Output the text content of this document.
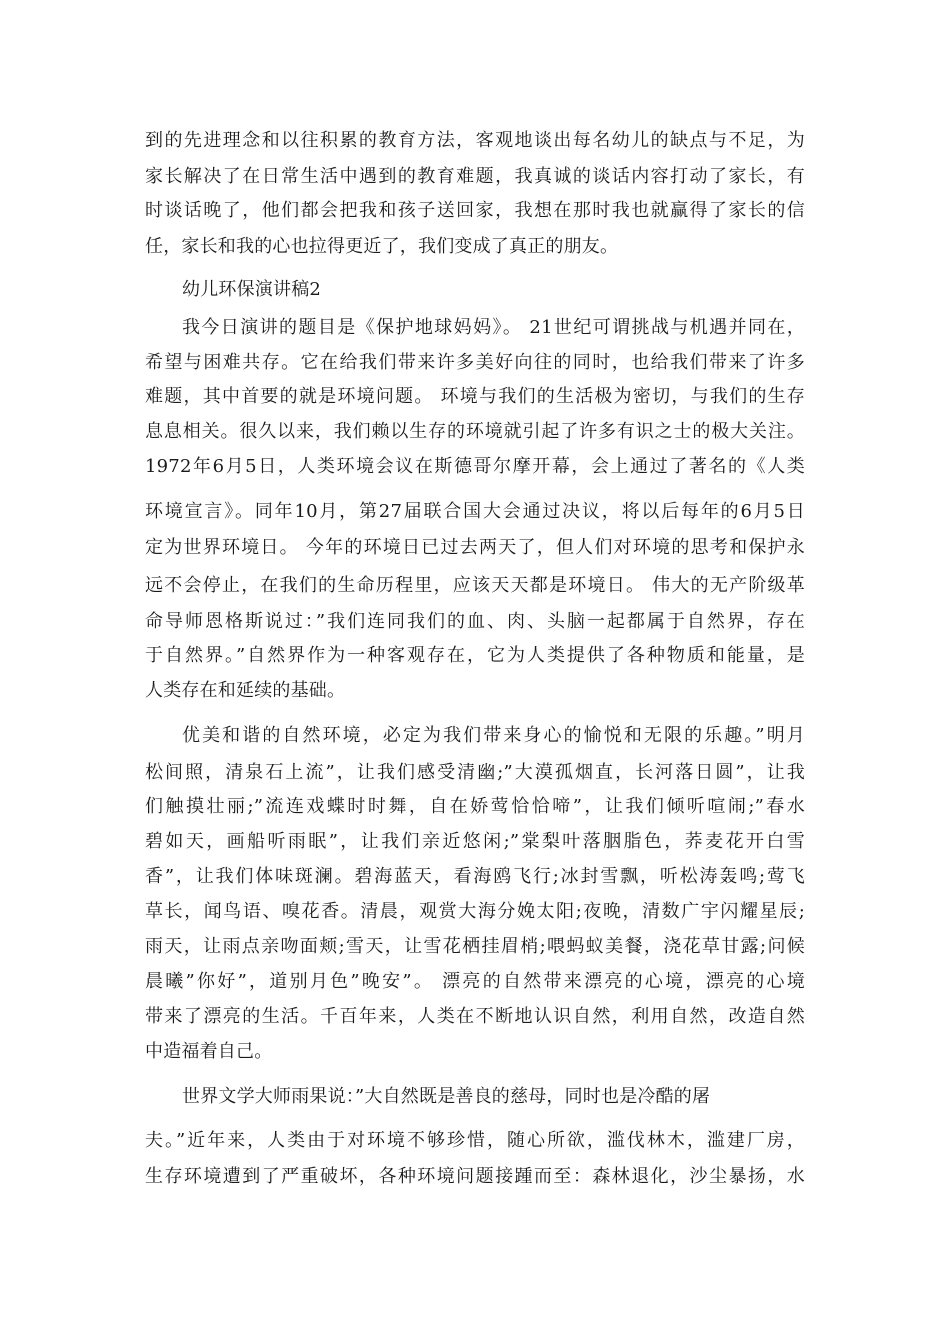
到的先进理念和以往积累的教育方法，客观地谈出每名幼儿的缺点与不足，为
家长解决了在日常生活中遇到的教育难题，我真诚的谈话内容打动了家长，有
时谈话晚了，他们都会把我和孩子送回家，我想在那时我也就赢得了家长的信
任，家长和我的心也拉得更近了，我们变成了真正的朋友。
幼儿环保演讲稿2
我今日演讲的题目是《保护地球妈妈》。 21世纪可谓挑战与机遇并同在，
希望与困难共存。它在给我们带来许多美好向往的同时，也给我们带来了许多
难题，其中首要的就是环境问题。 环境与我们的生活极为密切，与我们的生存
息息相关。很久以来，我们赖以生存的环境就引起了许多有识之士的极大关注。
1972年6月5日，人类环境会议在斯德哥尔摩开幕，会上通过了著名的《人类
环境宣言》。同年10月，第27届联合国大会通过决议，将以后每年的6月5日
定为世界环境日。 今年的环境日已过去两天了，但人们对环境的思考和保护永
远不会停止，在我们的生命历程里，应该天天都是环境日。 伟大的无产阶级革
命导师恩格斯说过：”我们连同我们的血、肉、头脑一起都属于自然界，存在
于自然界。”自然界作为一种客观存在，它为人类提供了各种物质和能量，是
人类存在和延续的基础。
优美和谐的自然环境，必定为我们带来身心的愉悦和无限的乐趣。”明月
松间照，清泉石上流”，让我们感受清幽;”大漠孤烟直，长河落日圆”，让我
们触摸壮丽;”流连戏蝶时时舞，自在娇莺恰恰啼”，让我们倾听喧闹;”春水
碧如天，画船听雨眠”，让我们亲近悠闲;”棠梨叶落胭脂色，荞麦花开白雪
香”，让我们体味斑澜。碧海蓝天，看海鸥飞行;冰封雪飘，听松涛轰鸣;莺飞
草长，闻鸟语、嗅花香。清晨，观赏大海分娩太阳;夜晚，清数广宇闪耀星辰;
雨天，让雨点亲吻面颊;雪天，让雪花栖挂眉梢;喂蚂蚁美餐，浇花草甘露;问候
晨曦”你好”，道别月色”晚安”。 漂亮的自然带来漂亮的心境，漂亮的心境
带来了漂亮的生活。千百年来，人类在不断地认识自然，利用自然，改造自然
中造福着自己。
世界文学大师雨果说：”大自然既是善良的慈母，同时也是冷酷的屠
夫。”近年来，人类由于对环境不够珍惜，随心所欲，滥伐林木，滥建厂房，
生存环境遭到了严重破坏，各种环境问题接踵而至：森林退化，沙尘暴扬，水
